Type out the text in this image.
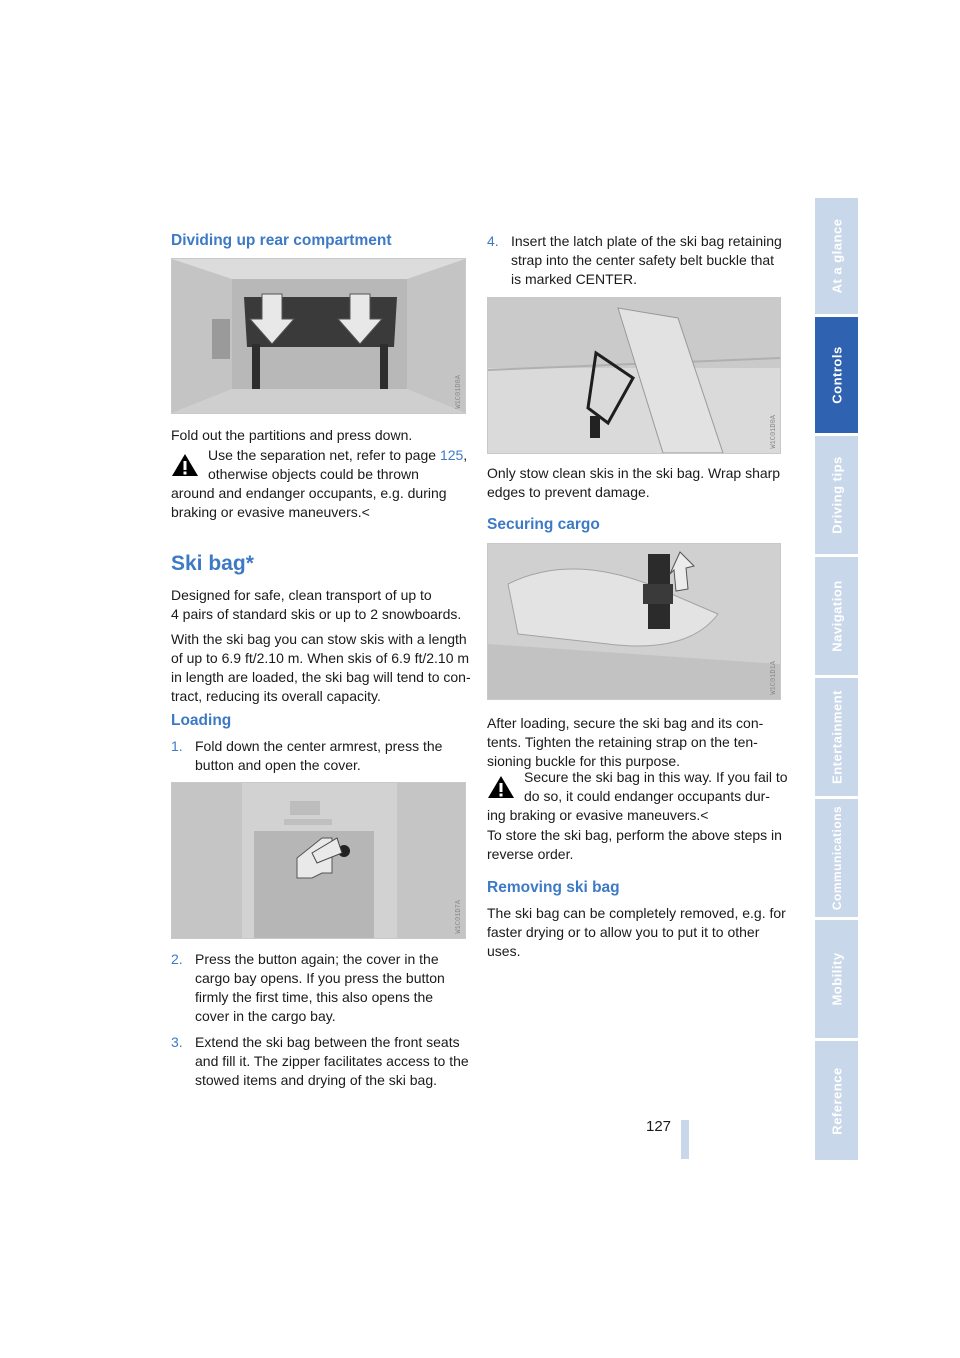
Dividing up rear compartment
W1C01D8A
Fold out the partitions and press down.
Use the separation net, refer to page 125,
otherwise objects could be thrown
around and endanger occupants, e.g. during
braking or evasive maneuvers.<
Ski bag*
Designed for safe, clean transport of up to
4 pairs of standard skis or up to 2 snowboards.
With the ski bag you can stow skis with a length
of up to 6.9 ft/2.10 m. When skis of 6.9 ft/2.10 m
in length are loaded, the ski bag will tend to con-
tract, reducing its overall capacity.
Loading
1. Fold down the center armrest, press the
button and open the cover.
W1C01D7A
2. Press the button again; the cover in the
cargo bay opens. If you press the button
firmly the first time, this also opens the
cover in the cargo bay.
3. Extend the ski bag between the front seats
and fill it. The zipper facilitates access to the
stowed items and drying of the ski bag.
4. Insert the latch plate of the ski bag retaining
strap into the center safety belt buckle that
is marked CENTER.
W1C01D0A
Only stow clean skis in the ski bag. Wrap sharp
edges to prevent damage.
Securing cargo
W1C01D1A
After loading, secure the ski bag and its con-
tents. Tighten the retaining strap on the ten-
sioning buckle for this purpose.
Secure the ski bag in this way. If you fail to
do so, it could endanger occupants dur-
ing braking or evasive maneuvers.<
To store the ski bag, perform the above steps in
reverse order.
Removing ski bag
The ski bag can be completely removed, e.g. for
faster drying or to allow you to put it to other
uses.
127
At a glance
Controls
Driving tips
Navigation
Entertainment
Communications
Mobility
Reference
